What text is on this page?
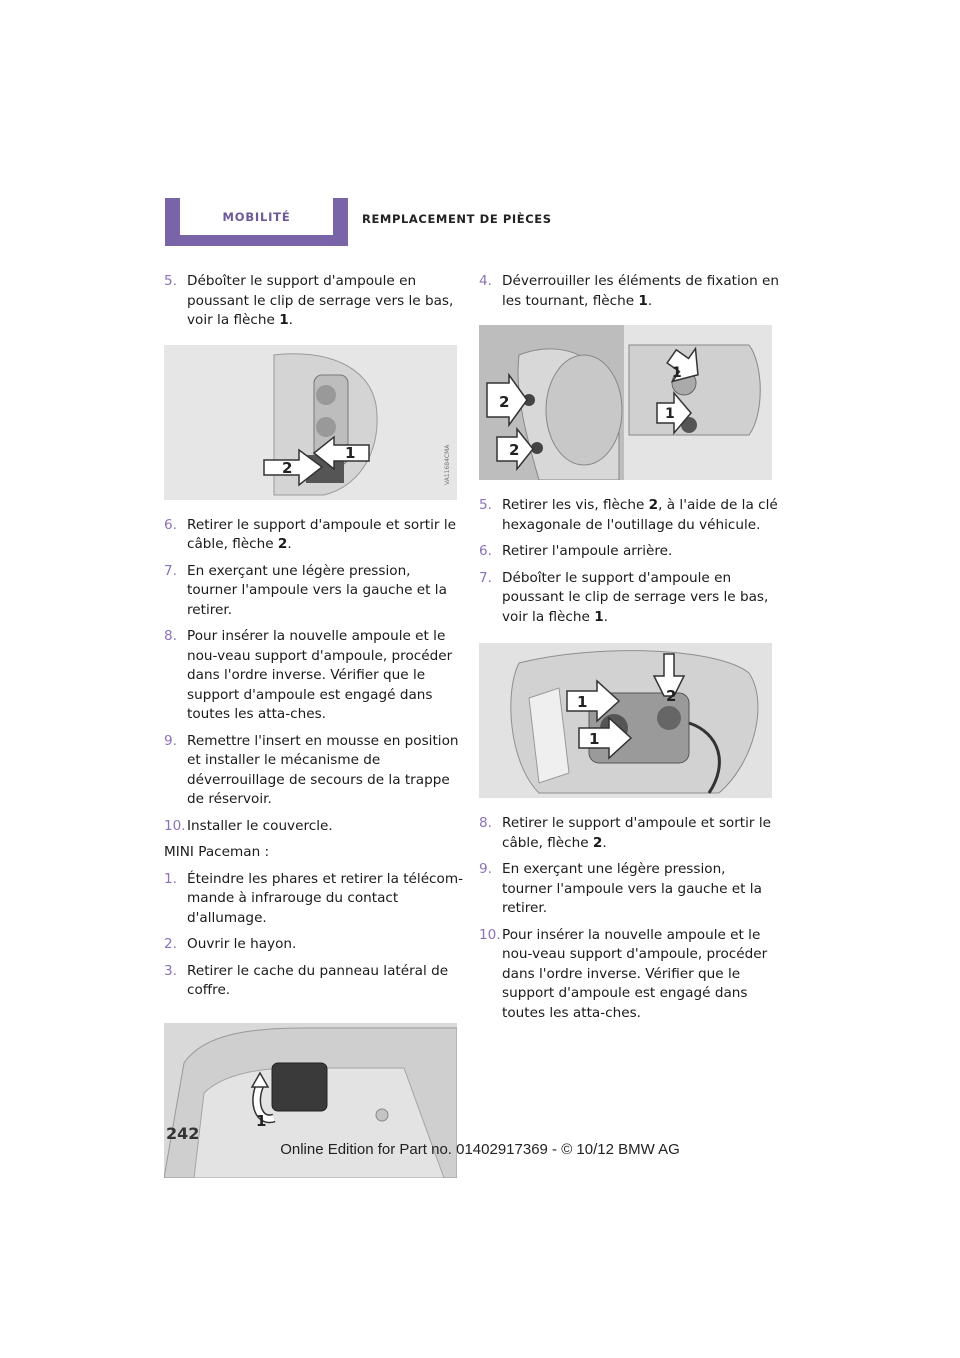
MOBILITÉ	REMPLACEMENT DE PIÈCES
5. Déboîter le support d'ampoule en poussant le clip de serrage vers le bas, voir la flèche 1.
2
1	VA11684CMA
6. Retirer le support d'ampoule et sortir le câble, flèche 2.
7. En exerçant une légère pression, tourner l'ampoule vers la gauche et la retirer.
8. Pour insérer la nouvelle ampoule et le nou-veau support d'ampoule, procéder dans l'ordre inverse. Vérifier que le support d'ampoule est engagé dans toutes les atta-ches.
9. Remettre l'insert en mousse en position et installer le mécanisme de déverrouillage de secours de la trappe de réservoir.
10. Installer le couvercle.
MINI Paceman :
1. Éteindre les phares et retirer la télécom-mande à infrarouge du contact d'allumage.
2. Ouvrir le hayon.
3. Retirer le cache du panneau latéral de coffre.
1
4. Déverrouiller les éléments de fixation en les tournant, flèche 1.
2
2
1
1
5. Retirer les vis, flèche 2, à l'aide de la clé hexagonale de l'outillage du véhicule.
6. Retirer l'ampoule arrière.
7. Déboîter le support d'ampoule en poussant le clip de serrage vers le bas, voir la flèche 1.
1	2
1
8. Retirer le support d'ampoule et sortir le câble, flèche 2.
9. En exerçant une légère pression, tourner l'ampoule vers la gauche et la retirer.
10. Pour insérer la nouvelle ampoule et le nou-veau support d'ampoule, procéder dans l'ordre inverse. Vérifier que le support d'ampoule est engagé dans toutes les atta-ches.
242
Online Edition for Part no. 01402917369 - © 10/12 BMW AG
